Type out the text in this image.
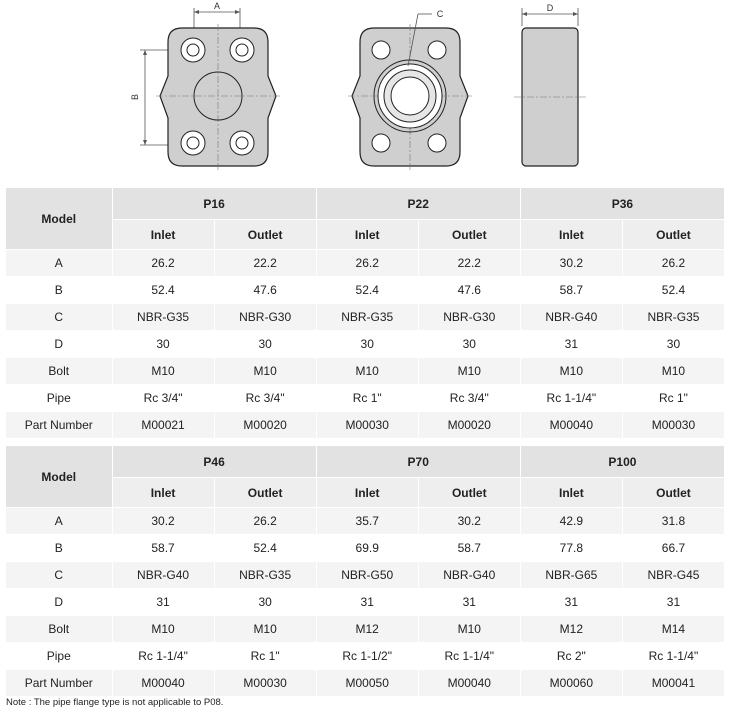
A
B
C
D
Model	P16		P22		P36	
	Inlet	Outlet	Inlet	Outlet	Inlet	Outlet
A	26.2	22.2	26.2	22.2	30.2	26.2
B	52.4	47.6	52.4	47.6	58.7	52.4
C	NBR-G35	NBR-G30	NBR-G35	NBR-G30	NBR-G40	NBR-G35
D	30	30	30	30	31	30
Bolt	M10	M10	M10	M10	M10	M10
Pipe	Rc 3/4"	Rc 3/4"	Rc 1"	Rc 3/4"	Rc 1-1/4"	Rc 1"
Part Number	M00021	M00020	M00030	M00020	M00040	M00030
Model	P46		P70		P100	
	Inlet	Outlet	Inlet	Outlet	Inlet	Outlet
A	30.2	26.2	35.7	30.2	42.9	31.8
B	58.7	52.4	69.9	58.7	77.8	66.7
C	NBR-G40	NBR-G35	NBR-G50	NBR-G40	NBR-G65	NBR-G45
D	31	30	31	31	31	31
Bolt	M10	M10	M12	M10	M12	M14
Pipe	Rc 1-1/4"	Rc 1"	Rc 1-1/2"	Rc 1-1/4"	Rc 2"	Rc 1-1/4"
Part Number	M00040	M00030	M00050	M00040	M00060	M00041
Note : The pipe flange type is not applicable to P08.
